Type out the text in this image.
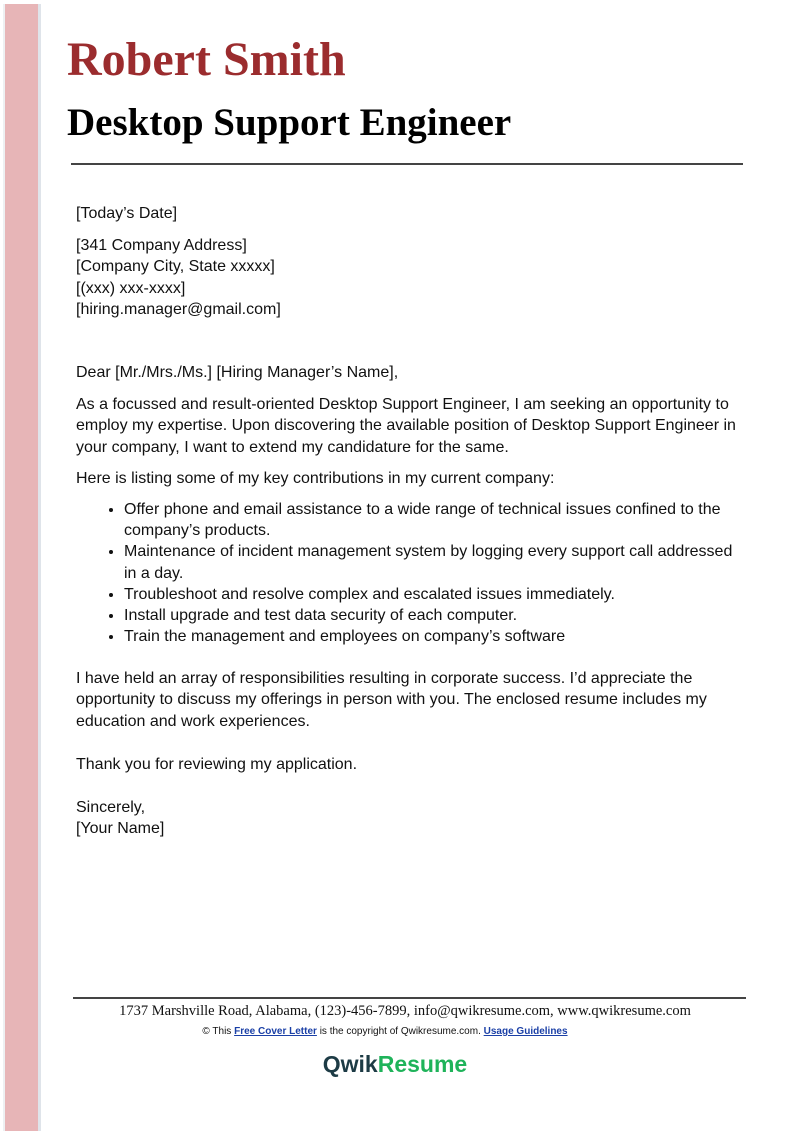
Robert Smith
Desktop Support Engineer

[Today’s Date]

[341 Company Address]

[Company City, State xxxxx]

[(xxx) xxx-xxxx]

[hiring.manager@gmail.com]

Dear [Mr./Mrs./Ms.] [Hiring Manager’s Name],

As a focussed and result-oriented Desktop Support Engineer, I am seeking an opportunity to employ my expertise. Upon discovering the available position of Desktop Support Engineer in your company, I want to extend my candidature for the same.

Here is listing some of my key contributions in my current company:

• Offer phone and email assistance to a wide range of technical issues confined to the company’s products.
• Maintenance of incident management system by logging every support call addressed in a day.
• Troubleshoot and resolve complex and escalated issues immediately.
• Install upgrade and test data security of each computer.
• Train the management and employees on company’s software

I have held an array of responsibilities resulting in corporate success. I’d appreciate the opportunity to discuss my offerings in person with you. The enclosed resume includes my education and work experiences.

Thank you for reviewing my application.

Sincerely,

[Your Name]

1737 Marshville Road, Alabama, (123)-456-7899, info@qwikresume.com, www.qwikresume.com
© This Free Cover Letter is the copyright of Qwikresume.com. Usage Guidelines
QwikResume
